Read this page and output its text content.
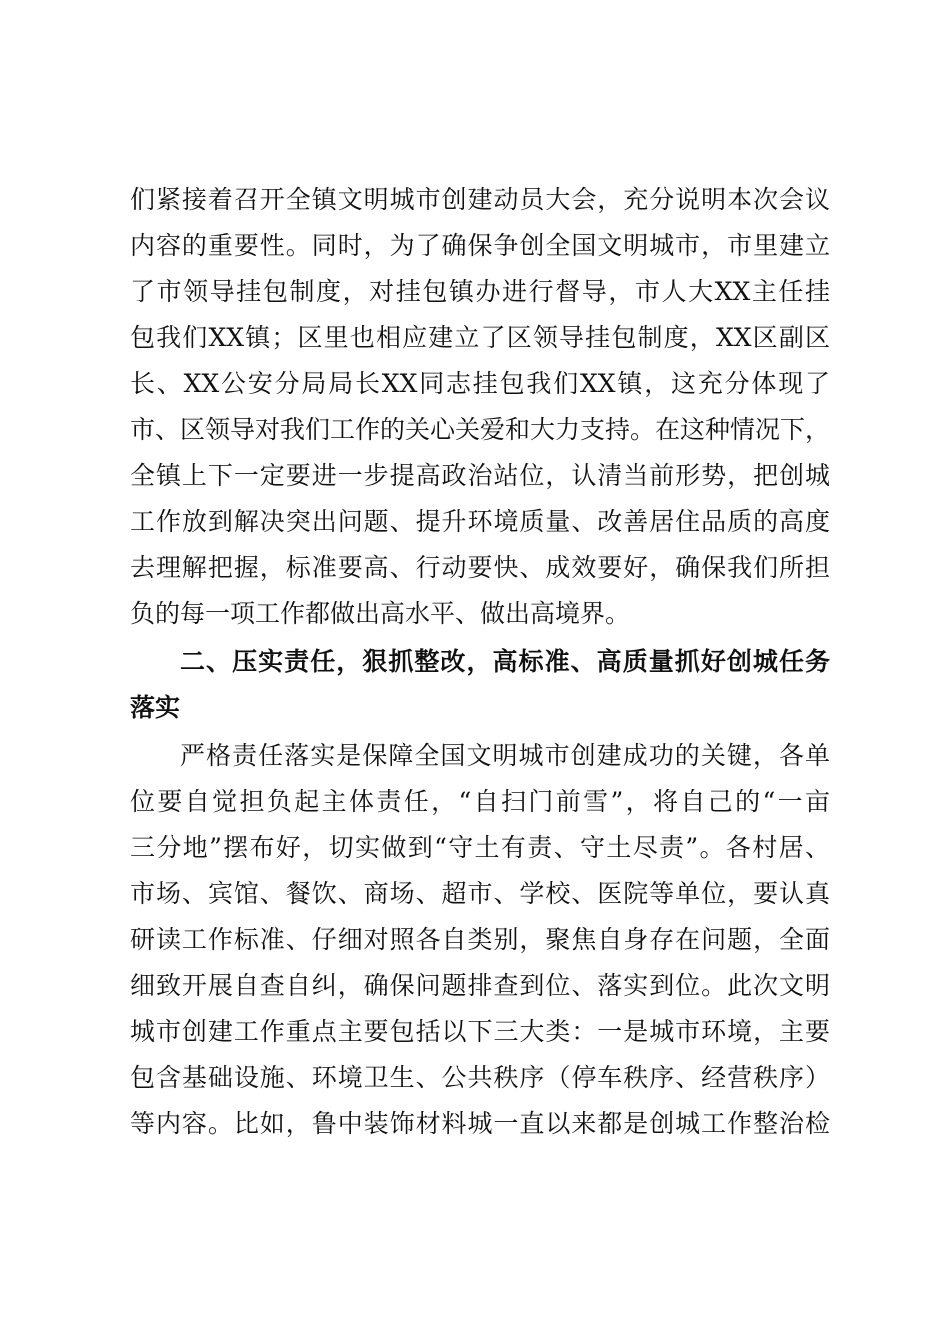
们紧接着召开全镇文明城市创建动员大会，充分说明本次会议
内容的重要性。同时，为了确保争创全国文明城市，市里建立
了市领导挂包制度，对挂包镇办进行督导，市人大XX主任挂
包我们XX镇；区里也相应建立了区领导挂包制度，XX区副区
长、XX公安分局局长XX同志挂包我们XX镇，这充分体现了
市、区领导对我们工作的关心关爱和大力支持。在这种情况下，
全镇上下一定要进一步提高政治站位，认清当前形势，把创城
工作放到解决突出问题、提升环境质量、改善居住品质的高度
去理解把握，标准要高、行动要快、成效要好，确保我们所担
负的每一项工作都做出高水平、做出高境界。
二、压实责任，狠抓整改，高标准、高质量抓好创城任务
落实
严格责任落实是保障全国文明城市创建成功的关键，各单
位要自觉担负起主体责任，“自扫门前雪”，将自己的“一亩
三分地”摆布好，切实做到“守土有责、守土尽责”。各村居、
市场、宾馆、餐饮、商场、超市、学校、医院等单位，要认真
研读工作标准、仔细对照各自类别，聚焦自身存在问题，全面
细致开展自查自纠，确保问题排查到位、落实到位。此次文明
城市创建工作重点主要包括以下三大类：一是城市环境，主要
包含基础设施、环境卫生、公共秩序（停车秩序、经营秩序）
等内容。比如，鲁中装饰材料城一直以来都是创城工作整治检
